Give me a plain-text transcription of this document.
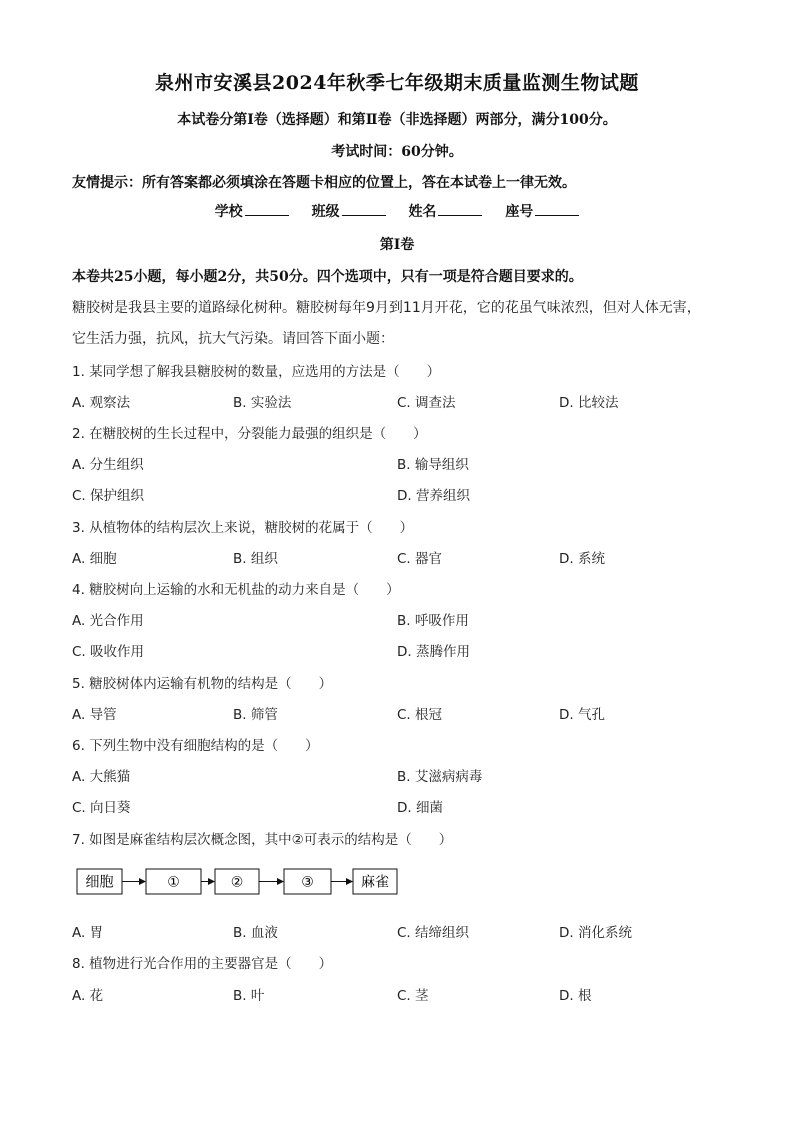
泉州市安溪县2024年秋季七年级期末质量监测生物试题
本试卷分第Ⅰ卷（选择题）和第Ⅱ卷（非选择题）两部分，满分100分。
考试时间：60分钟。
友情提示：所有答案都必须填涂在答题卡相应的位置上，答在本试卷上一律无效。
学校	班级	姓名	座号
第Ⅰ卷
本卷共25小题，每小题2分，共50分。四个选项中，只有一项是符合题目要求的。
糖胶树是我县主要的道路绿化树种。糖胶树每年9月到11月开花，它的花虽气味浓烈，但对人体无害，
它生活力强，抗风，抗大气污染。请回答下面小题：
1. 某同学想了解我县糖胶树的数量，应选用的方法是（　　）
A. 观察法	B. 实验法	C. 调查法	D. 比较法
2. 在糖胶树的生长过程中，分裂能力最强的组织是（　　）
A. 分生组织	B. 输导组织
C. 保护组织	D. 营养组织
3. 从植物体的结构层次上来说，糖胶树的花属于（　　）
A. 细胞	B. 组织	C. 器官	D. 系统
4. 糖胶树向上运输的水和无机盐的动力来自是（　　）
A. 光合作用	B. 呼吸作用
C. 吸收作用	D. 蒸腾作用
5. 糖胶树体内运输有机物的结构是（　　）
A. 导管	B. 筛管	C. 根冠	D. 气孔
6. 下列生物中没有细胞结构的是（　　）
A. 大熊猫	B. 艾滋病病毒
C. 向日葵	D. 细菌
7. 如图是麻雀结构层次概念图，其中②可表示的结构是（　　）
细胞	①	②	③	麻雀
A. 胃	B. 血液	C. 结缔组织	D. 消化系统
8. 植物进行光合作用的主要器官是（　　）
A. 花	B. 叶	C. 茎	D. 根
